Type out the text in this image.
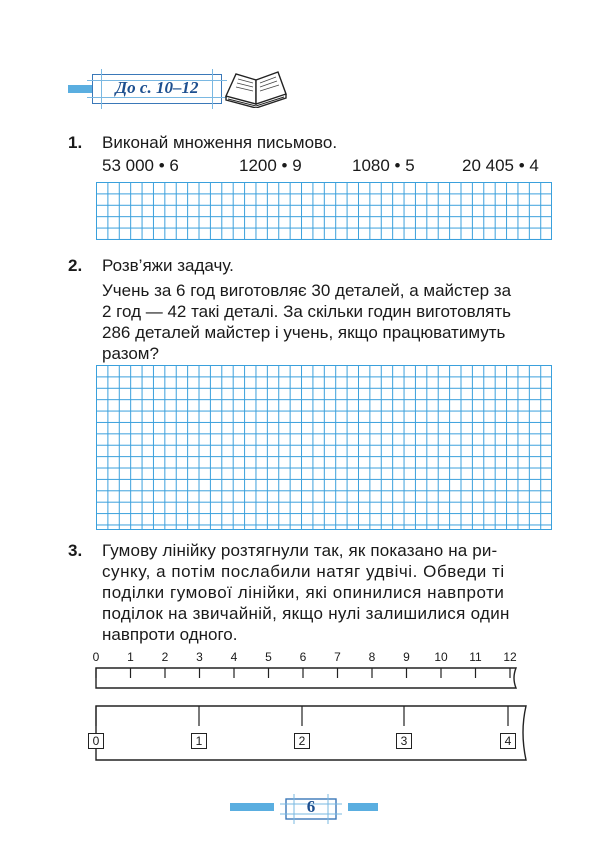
До с. 10–12
1. Виконай множення письмово.
53 000 • 6	1200 • 9	1080 • 5	20 405 • 4
2. Розв’яжи задачу.
Учень за 6 год виготовляє 30 деталей, а майстер за
2 год — 42 такі деталі. За скільки годин виготовлять
286 деталей майстер і учень, якщо працюватимуть
разом?
3. Гумову лінійку розтягнули так, як показано на ри-
сунку, а потім послабили натяг удвічі. Обведи ті
поділки гумової лінійки, які опинилися навпроти
поділок на звичайній, якщо нулі залишилися один
навпроти одного.
0	1	2	3	4	5	6	7	8	9	10	11	12
0	1	2	3	4
6
